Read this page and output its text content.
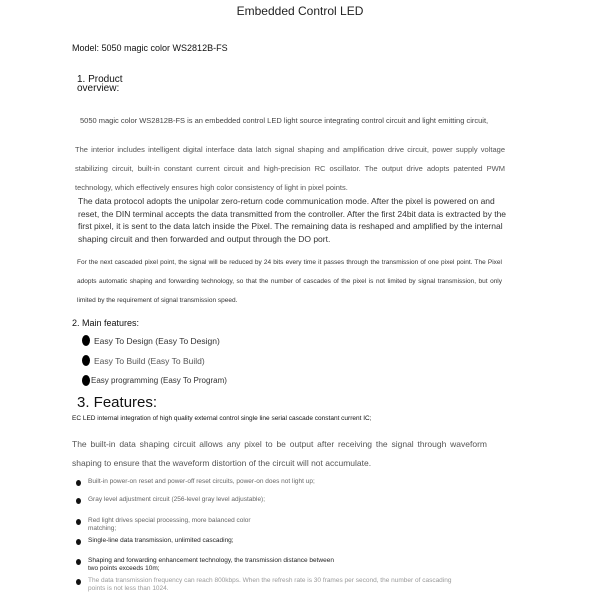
Embedded Control LED
Model: 5050 magic color WS2812B-FS
1. Product
overview:
5050 magic color WS2812B-FS is an embedded control LED light source integrating control circuit and light emitting circuit,
The interior includes intelligent digital interface data latch signal shaping and amplification drive circuit, power supply voltage stabilizing circuit, built-in constant current circuit and high-precision RC oscillator. The output drive adopts patented PWM technology, which effectively ensures high color consistency of light in pixel points.
The data protocol adopts the unipolar zero-return code communication mode. After the pixel is powered on and reset, the DIN terminal accepts the data transmitted from the controller. After the first 24bit data is extracted by the first pixel, it is sent to the data latch inside the Pixel. The remaining data is reshaped and amplified by the internal shaping circuit and then forwarded and output through the DO port.
For the next cascaded pixel point, the signal will be reduced by 24 bits every time it passes through the transmission of one pixel point. The Pixel adopts automatic shaping and forwarding technology, so that the number of cascades of the pixel is not limited by signal transmission, but only limited by the requirement of signal transmission speed.
2. Main features:
Easy To Design (Easy To Design)
Easy To Build (Easy To Build)
Easy programming (Easy To Program)
3. Features:
EC LED internal integration of high quality external control single line serial cascade constant current IC;
The built-in data shaping circuit allows any pixel to be output after receiving the signal through waveform shaping to ensure that the waveform distortion of the circuit will not accumulate.
Built-in power-on reset and power-off reset circuits, power-on does not light up;
Gray level adjustment circuit (256-level gray level adjustable);
Red light drives special processing, more balanced color matching;
Single-line data transmission, unlimited cascading;
Shaping and forwarding enhancement technology, the transmission distance between two points exceeds 10m;
The data transmission frequency can reach 800kbps. When the refresh rate is 30 frames per second, the number of cascading points is not less than 1024.
